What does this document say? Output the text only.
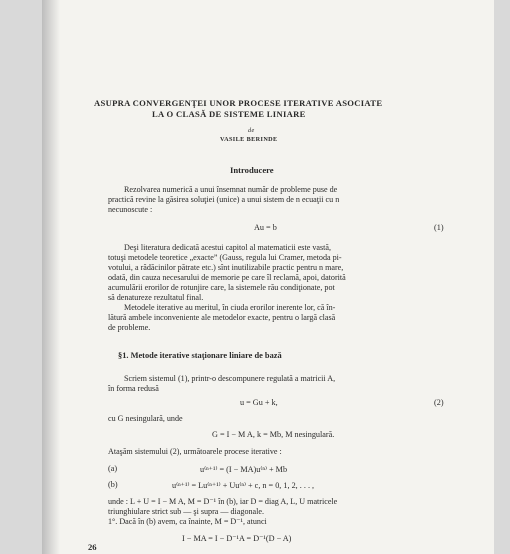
ASUPRA CONVERGENŢEI UNOR PROCESE ITERATIVE ASOCIATE
LA O CLASĂ DE SISTEME LINIARE
de
VASILE BERINDE
Introducere
Rezolvarea numerică a unui însemnat număr de probleme puse de
practică revine la găsirea soluţiei (unice) a unui sistem de n ecuaţii cu n
necunoscute :
Au = b	(1)
Deşi literatura dedicată acestui capitol al matematicii este vastă,
totuşi metodele teoretice „exacte” (Gauss, regula lui Cramer, metoda pi-
votului, a rădăcinilor pătrate etc.) sînt inutilizabile practic pentru n mare,
odată, din cauza necesarului de memorie pe care îl reclamă, apoi, datorită
acumulării erorilor de rotunjire care, la sistemele rău condiţionate, pot
să denatureze rezultatul final.
Metodele iterative au meritul, în ciuda erorilor inerente lor, că în-
lătură ambele inconveniente ale metodelor exacte, pentru o largă clasă
de probleme.
§1. Metode iterative staţionare liniare de bază
Scriem sistemul (1), printr-o descompunere regulată a matricii A,
în forma redusă
u = Gu + k,	(2)
cu G nesingulară, unde
G = I − M A, k = Mb, M nesingulară.
Ataşăm sistemului (2), următoarele procese iterative :
(a)	u⁽ⁿ⁺¹⁾ = (I − MA)u⁽ⁿ⁾ + Mb
(b)	u⁽ⁿ⁺¹⁾ = Lu⁽ⁿ⁺¹⁾ + Uu⁽ⁿ⁾ + c, n = 0, 1, 2, . . . ,
unde : L + U = I − M A, M = D⁻¹ în (b), iar D = diag A, L, U matricele
triunghiulare strict sub — şi supra — diagonale.
1°. Dacă în (b) avem, ca înainte, M = D⁻¹, atunci
I − MA = I − D⁻¹A = D⁻¹(D − A)
26
